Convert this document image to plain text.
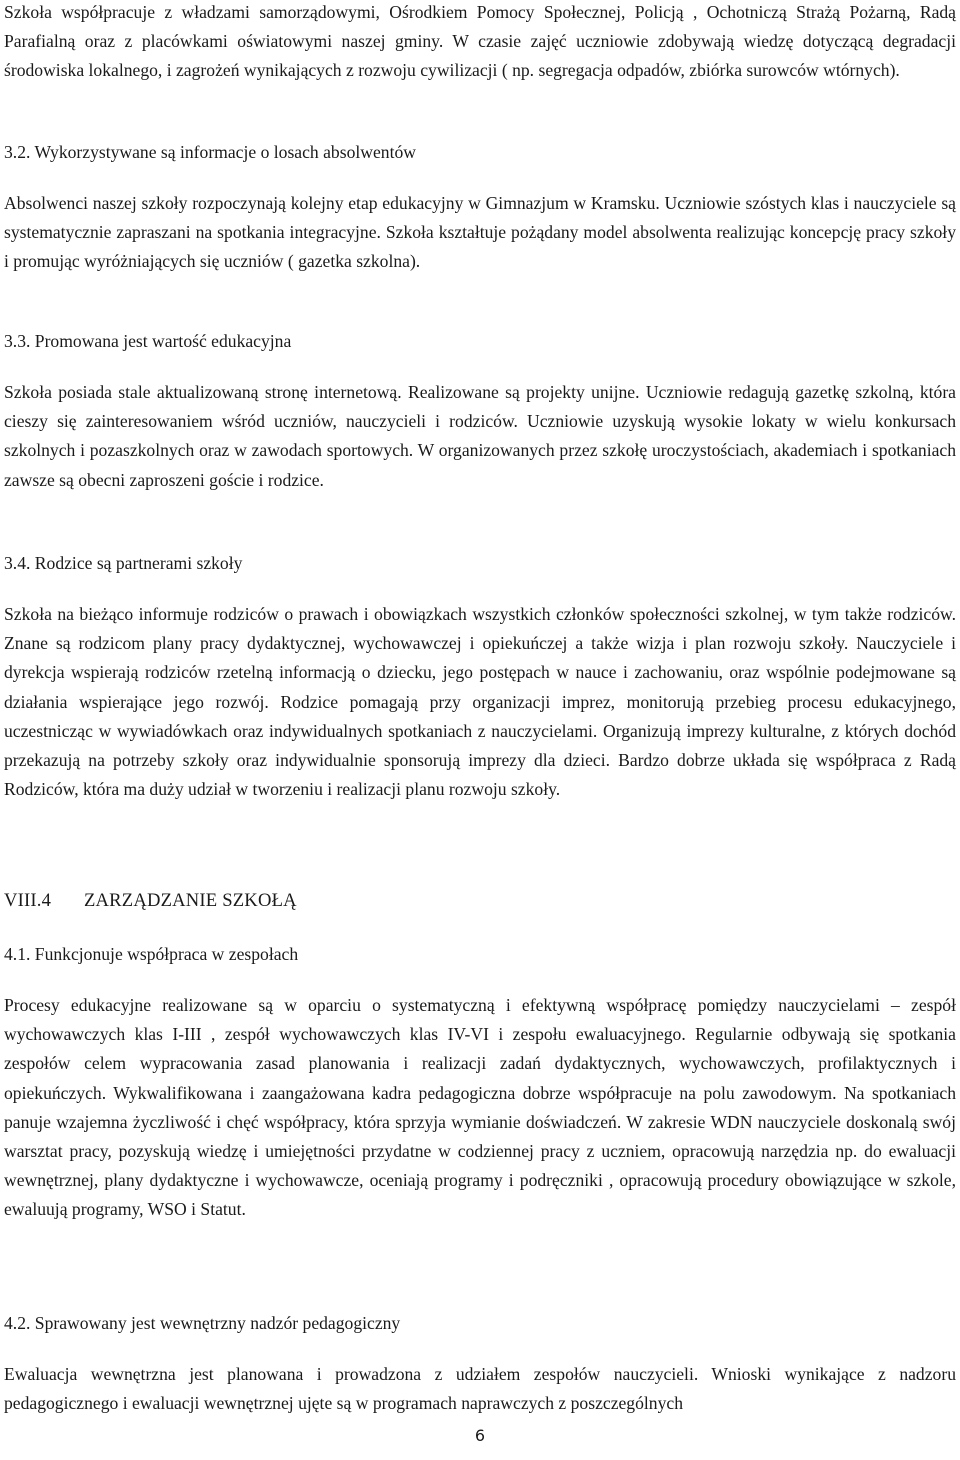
Szkoła współpracuje z władzami samorządowymi, Ośrodkiem Pomocy Społecznej, Policją , Ochotniczą Strażą Pożarną, Radą Parafialną oraz z placówkami oświatowymi naszej gminy. W czasie zajęć uczniowie zdobywają wiedzę dotyczącą degradacji środowiska lokalnego, i zagrożeń wynikających z rozwoju cywilizacji ( np. segregacja odpadów, zbiórka surowców wtórnych).

3.2. Wykorzystywane są informacje o losach absolwentów

Absolwenci naszej szkoły rozpoczynają kolejny etap edukacyjny w Gimnazjum w Kramsku. Uczniowie szóstych klas i nauczyciele są systematycznie zapraszani na spotkania integracyjne. Szkoła kształtuje pożądany model absolwenta realizując koncepcję pracy szkoły i promując wyróżniających się uczniów ( gazetka szkolna).

3.3. Promowana jest wartość edukacyjna

Szkoła posiada stale aktualizowaną stronę internetową. Realizowane są projekty unijne. Uczniowie redagują gazetkę szkolną, która cieszy się zainteresowaniem wśród uczniów, nauczycieli i rodziców. Uczniowie uzyskują wysokie lokaty w wielu konkursach szkolnych i pozaszkolnych oraz w zawodach sportowych. W organizowanych przez szkołę uroczystościach, akademiach i spotkaniach zawsze są obecni zaproszeni goście i rodzice.

3.4. Rodzice są partnerami szkoły

Szkoła na bieżąco informuje rodziców o prawach i obowiązkach wszystkich członków społeczności szkolnej, w tym także rodziców. Znane są rodzicom plany pracy dydaktycznej, wychowawczej i opiekuńczej a także wizja i plan rozwoju szkoły. Nauczyciele i dyrekcja wspierają rodziców rzetelną informacją o dziecku, jego postępach w nauce i zachowaniu, oraz wspólnie podejmowane są działania wspierające jego rozwój. Rodzice pomagają przy organizacji imprez, monitorują przebieg procesu edukacyjnego, uczestnicząc w wywiadówkach oraz indywidualnych spotkaniach z nauczycielami. Organizują imprezy kulturalne, z których dochód przekazują na potrzeby szkoły oraz indywidualnie sponsorują imprezy dla dzieci. Bardzo dobrze układa się współpraca z Radą Rodziców, która ma duży udział w tworzeniu i realizacji planu rozwoju szkoły.

VIII.4 ZARZĄDZANIE SZKOŁĄ

4.1. Funkcjonuje współpraca w zespołach

Procesy edukacyjne realizowane są w oparciu o systematyczną i efektywną współpracę pomiędzy nauczycielami – zespół wychowawczych klas I-III , zespół wychowawczych klas IV-VI i zespołu ewaluacyjnego. Regularnie odbywają się spotkania zespołów celem wypracowania zasad planowania i realizacji zadań dydaktycznych, wychowawczych, profilaktycznych i opiekuńczych. Wykwalifikowana i zaangażowana kadra pedagogiczna dobrze współpracuje na polu zawodowym. Na spotkaniach panuje wzajemna życzliwość i chęć współpracy, która sprzyja wymianie doświadczeń. W zakresie WDN nauczyciele doskonalą swój warsztat pracy, pozyskują wiedzę i umiejętności przydatne w codziennej pracy z uczniem, opracowują narzędzia np. do ewaluacji wewnętrznej, plany dydaktyczne i wychowawcze, oceniają programy i podręczniki , opracowują procedury obowiązujące w szkole, ewaluują programy, WSO i Statut.

4.2. Sprawowany jest wewnętrzny nadzór pedagogiczny

Ewaluacja wewnętrzna jest planowana i prowadzona z udziałem zespołów nauczycieli. Wnioski wynikające z nadzoru pedagogicznego i ewaluacji wewnętrznej ujęte są w programach naprawczych z poszczególnych

6
